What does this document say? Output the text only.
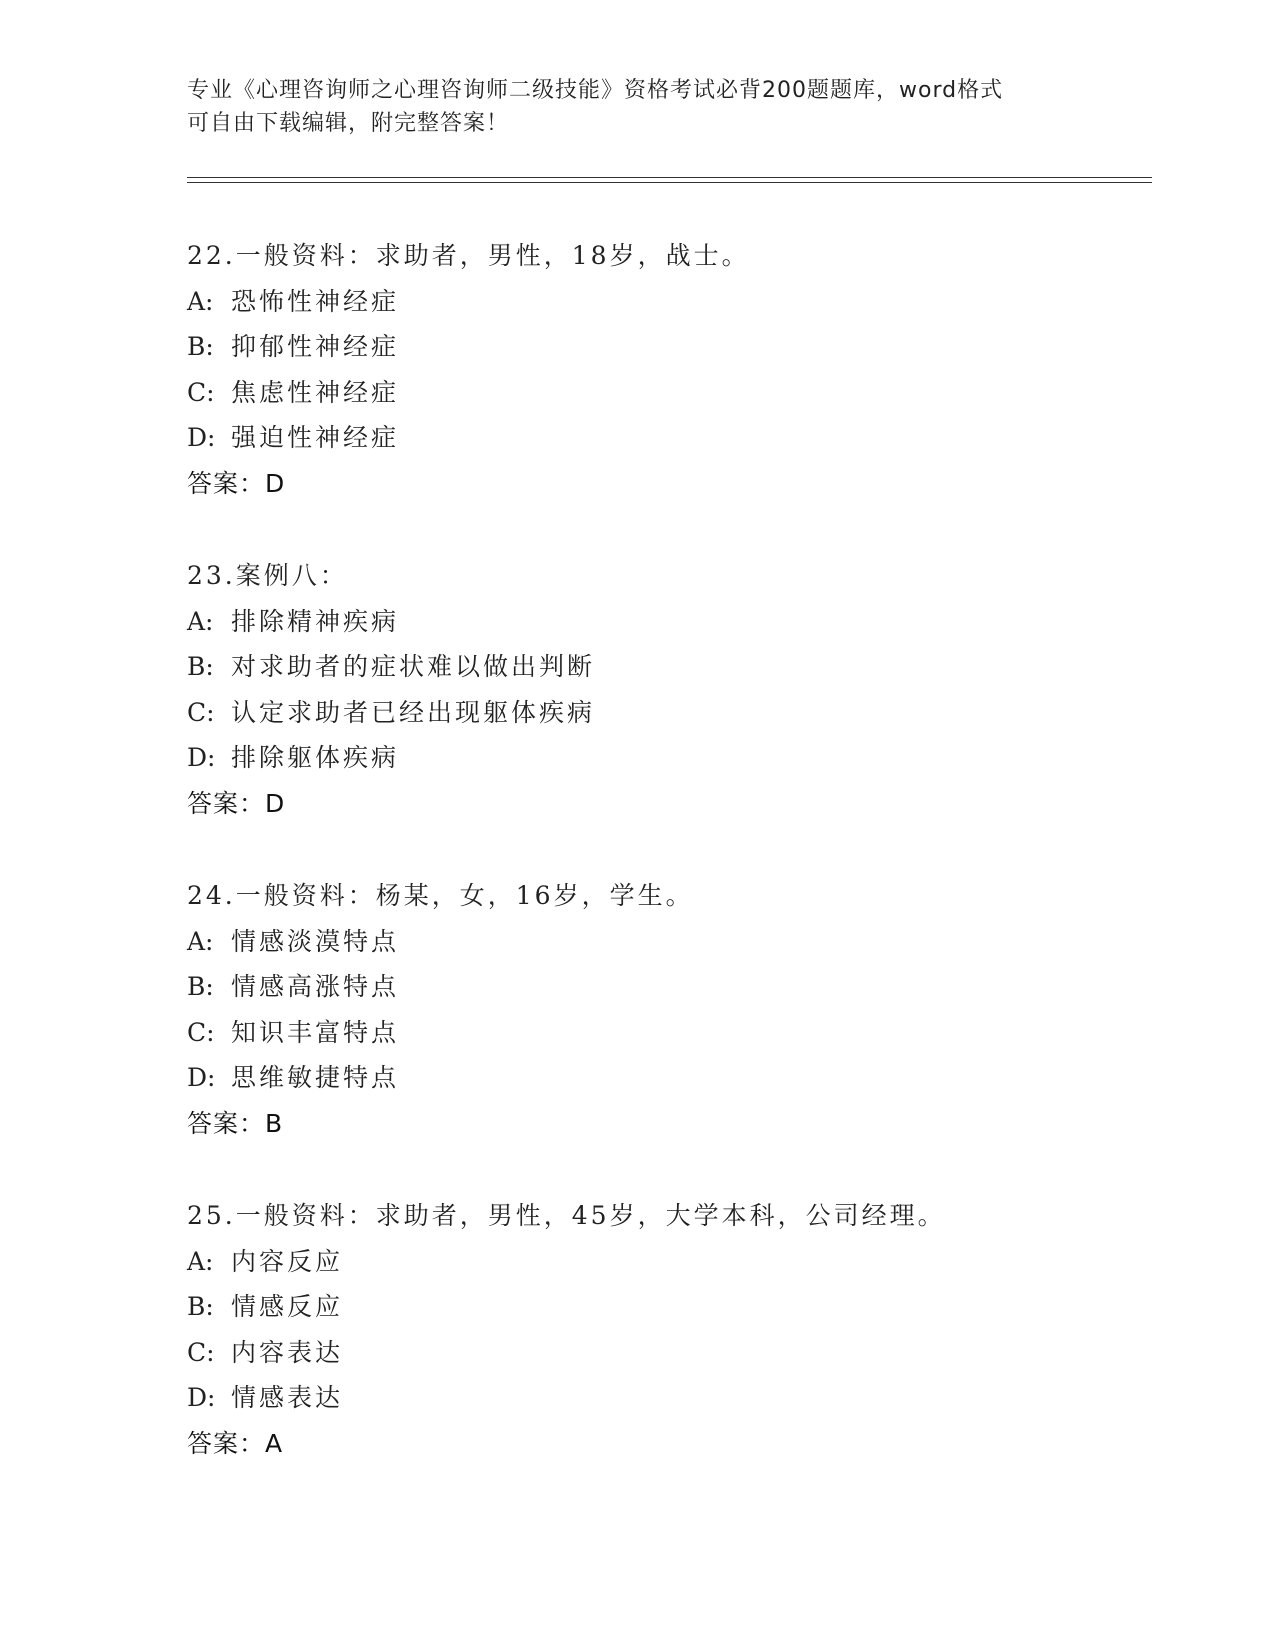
专业《心理咨询师之心理咨询师二级技能》资格考试必背200题题库，word格式
可自由下载编辑，附完整答案！
22.一般资料：求助者，男性，18岁，战士。
A: 恐怖性神经症
B: 抑郁性神经症
C: 焦虑性神经症
D: 强迫性神经症
答案：D
23.案例八：
A: 排除精神疾病
B: 对求助者的症状难以做出判断
C: 认定求助者已经出现躯体疾病
D: 排除躯体疾病
答案：D
24.一般资料：杨某，女，16岁，学生。
A: 情感淡漠特点
B: 情感高涨特点
C: 知识丰富特点
D: 思维敏捷特点
答案：B
25.一般资料：求助者，男性，45岁，大学本科，公司经理。
A: 内容反应
B: 情感反应
C: 内容表达
D: 情感表达
答案：A
